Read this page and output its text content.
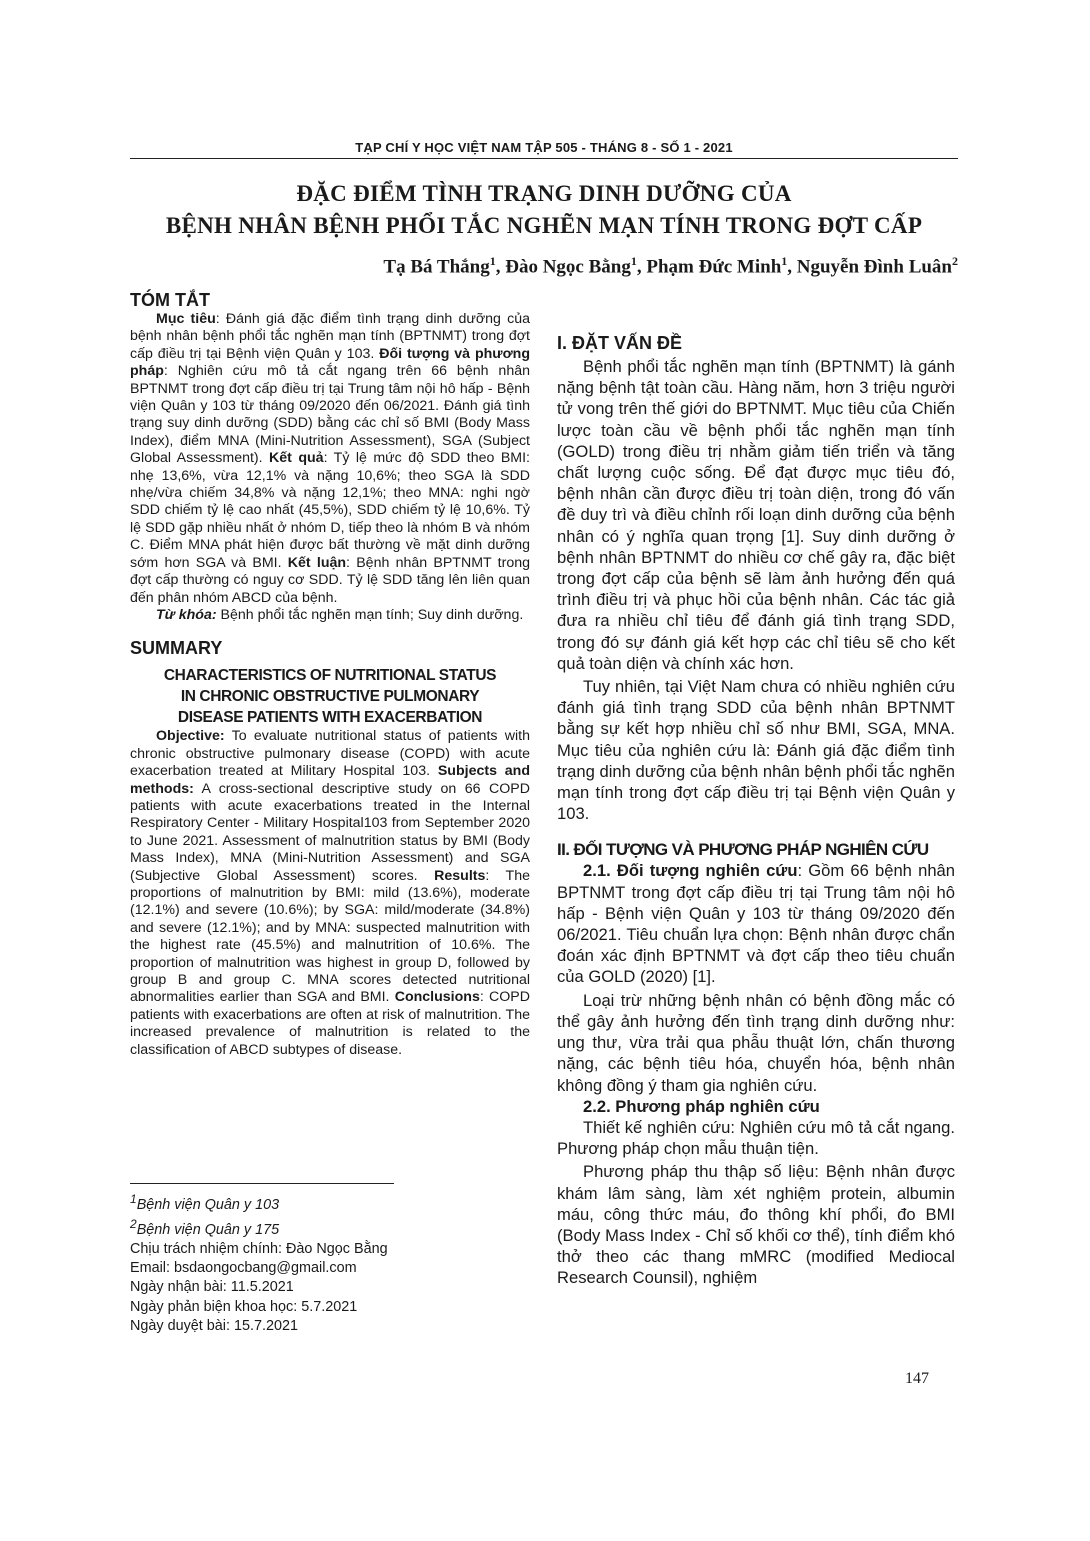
TẠP CHÍ Y HỌC VIỆT NAM TẬP 505 - THÁNG 8 - SỐ 1 - 2021
ĐẶC ĐIỂM TÌNH TRẠNG DINH DƯỠNG CỦA
BỆNH NHÂN BỆNH PHỔI TẮC NGHẼN MẠN TÍNH TRONG ĐỢT CẤP
Tạ Bá Thắng$^1$, Đào Ngọc Bằng$^1$, Phạm Đức Minh$^1$, Nguyễn Đình Luân$^2$
TÓM TẮT

Mục tiêu: Đánh giá đặc điểm tình trạng dinh dưỡng của bệnh nhân bệnh phổi tắc nghẽn mạn tính (BPTNMT) trong đợt cấp điều trị tại Bệnh viện Quân y 103. Đối tượng và phương pháp: Nghiên cứu mô tả cắt ngang trên 66 bệnh nhân BPTNMT trong đợt cấp điều trị tại Trung tâm nội hô hấp - Bệnh viện Quân y 103 từ tháng 09/2020 đến 06/2021. Đánh giá tình trạng suy dinh dưỡng (SDD) bằng các chỉ số BMI (Body Mass Index), điểm MNA (Mini-Nutrition Assessment), SGA (Subject Global Assessment). Kết quả: Tỷ lệ mức độ SDD theo BMI: nhẹ 13,6%, vừa 12,1% và nặng 10,6%; theo SGA là SDD nhẹ/vừa chiếm 34,8% và nặng 12,1%; theo MNA: nghi ngờ SDD chiếm tỷ lệ cao nhất (45,5%), SDD chiếm tỷ lệ 10,6%. Tỷ lệ SDD gặp nhiều nhất ở nhóm D, tiếp theo là nhóm B và nhóm C. Điểm MNA phát hiện được bất thường về mặt dinh dưỡng sớm hơn SGA và BMI. Kết luận: Bệnh nhân BPTNMT trong đợt cấp thường có nguy cơ SDD. Tỷ lệ SDD tăng lên liên quan đến phân nhóm ABCD của bệnh.

Từ khóa: Bệnh phổi tắc nghẽn mạn tính; Suy dinh dưỡng.

SUMMARY

CHARACTERISTICS OF NUTRITIONAL STATUS

IN CHRONIC OBSTRUCTIVE PULMONARY

DISEASE PATIENTS WITH EXACERBATION

Objective: To evaluate nutritional status of patients with chronic obstructive pulmonary disease (COPD) with acute exacerbation treated at Military Hospital 103. Subjects and methods: A cross-sectional descriptive study on 66 COPD patients with acute exacerbations treated in the Internal Respiratory Center - Military Hospital103 from September 2020 to June 2021. Assessment of malnutrition status by BMI (Body Mass Index), MNA (Mini-Nutrition Assessment) and SGA (Subjective Global Assessment) scores. Results: The proportions of malnutrition by BMI: mild (13.6%), moderate (12.1%) and severe (10.6%); by SGA: mild/moderate (34.8%) and severe (12.1%); and by MNA: suspected malnutrition with the highest rate (45.5%) and malnutrition of 10.6%. The proportion of malnutrition was highest in group D, followed by group B and group C. MNA scores detected nutritional abnormalities earlier than SGA and BMI. Conclusions: COPD patients with exacerbations are often at risk of malnutrition. The increased prevalence of malnutrition is related to the classification of ABCD subtypes of disease.

$^1$Bệnh viện Quân y 103
$^2$Bệnh viện Quân y 175
Chịu trách nhiệm chính: Đào Ngọc Bằng
Email: bsdaongocbang@gmail.com
Ngày nhận bài: 11.5.2021
Ngày phản biện khoa học: 5.7.2021
Ngày duyệt bài: 15.7.2021
I. ĐẶT VẤN ĐỀ

Bệnh phổi tắc nghẽn mạn tính (BPTNMT) là gánh nặng bệnh tật toàn cầu. Hàng năm, hơn 3 triệu người tử vong trên thế giới do BPTNMT. Mục tiêu của Chiến lược toàn cầu về bệnh phổi tắc nghẽn mạn tính (GOLD) trong điều trị nhằm giảm tiến triển và tăng chất lượng cuộc sống. Để đạt được mục tiêu đó, bệnh nhân cần được điều trị toàn diện, trong đó vấn đề duy trì và điều chỉnh rối loạn dinh dưỡng của bệnh nhân có ý nghĩa quan trọng [1]. Suy dinh dưỡng ở bệnh nhân BPTNMT do nhiều cơ chế gây ra, đặc biệt trong đợt cấp của bệnh sẽ làm ảnh hưởng đến quá trình điều trị và phục hồi của bệnh nhân. Các tác giả đưa ra nhiều chỉ tiêu để đánh giá tình trạng SDD, trong đó sự đánh giá kết hợp các chỉ tiêu sẽ cho kết quả toàn diện và chính xác hơn.

Tuy nhiên, tại Việt Nam chưa có nhiều nghiên cứu đánh giá tình trạng SDD của bệnh nhân BPTNMT bằng sự kết hợp nhiều chỉ số như BMI, SGA, MNA. Mục tiêu của nghiên cứu là: Đánh giá đặc điểm tình trạng dinh dưỡng của bệnh nhân bệnh phổi tắc nghẽn mạn tính trong đợt cấp điều trị tại Bệnh viện Quân y 103.

II. ĐỐI TƯỢNG VÀ PHƯƠNG PHÁP NGHIÊN CỨU

2.1. Đối tượng nghiên cứu: Gồm 66 bệnh nhân BPTNMT trong đợt cấp điều trị tại Trung tâm nội hô hấp - Bệnh viện Quân y 103 từ tháng 09/2020 đến 06/2021. Tiêu chuẩn lựa chọn: Bệnh nhân được chẩn đoán xác định BPTNMT và đợt cấp theo tiêu chuẩn của GOLD (2020) [1].

Loại trừ những bệnh nhân có bệnh đồng mắc có thể gây ảnh hưởng đến tình trạng dinh dưỡng như: ung thư, vừa trải qua phẫu thuật lớn, chấn thương nặng, các bệnh tiêu hóa, chuyển hóa, bệnh nhân không đồng ý tham gia nghiên cứu.

2.2. Phương pháp nghiên cứu

Thiết kế nghiên cứu: Nghiên cứu mô tả cắt ngang. Phương pháp chọn mẫu thuận tiện.

Phương pháp thu thập số liệu: Bệnh nhân được khám lâm sàng, làm xét nghiệm protein, albumin máu, công thức máu, đo thông khí phổi, đo BMI (Body Mass Index - Chỉ số khối cơ thể), tính điểm khó thở theo các thang mMRC (modified Mediocal Research Counsil), nghiệm

147
